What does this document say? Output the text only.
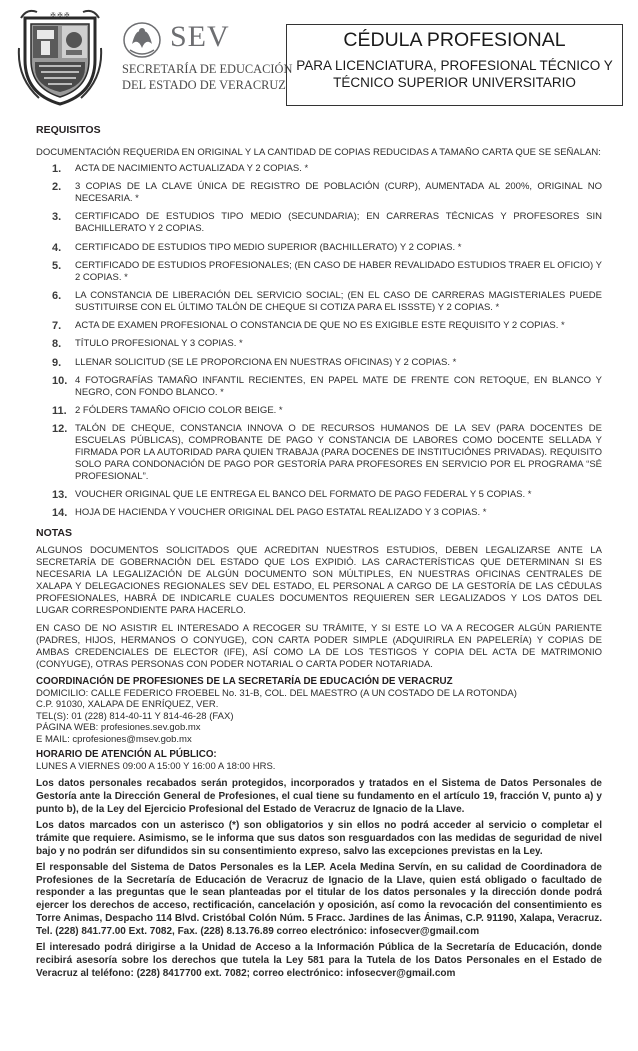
✠ ✠ ✠
SEV
SECRETARÍA DE EDUCACIÓN
DEL ESTADO DE VERACRUZ
CÉDULA PROFESIONAL
PARA LICENCIATURA, PROFESIONAL TÉCNICO Y
TÉCNICO SUPERIOR UNIVERSITARIO
REQUISITOS
DOCUMENTACIÓN REQUERIDA EN ORIGINAL Y LA CANTIDAD DE COPIAS REDUCIDAS A TAMAÑO CARTA QUE SE SEÑALAN:
1.	ACTA DE NACIMIENTO ACTUALIZADA Y 2 COPIAS. *
2.	3 COPIAS DE LA CLAVE ÚNICA DE REGISTRO DE POBLACIÓN (CURP), AUMENTADA AL 200%, ORIGINAL NO NECESARIA. *
3.	CERTIFICADO DE ESTUDIOS TIPO MEDIO (SECUNDARIA); EN CARRERAS TÉCNICAS Y PROFESORES SIN BACHILLERATO Y 2 COPIAS.
4.	CERTIFICADO DE ESTUDIOS TIPO MEDIO SUPERIOR (BACHILLERATO) Y 2 COPIAS. *
5.	CERTIFICADO DE ESTUDIOS PROFESIONALES; (EN CASO DE HABER REVALIDADO ESTUDIOS TRAER EL OFICIO) Y 2 COPIAS. *
6.	LA CONSTANCIA DE LIBERACIÓN DEL SERVICIO SOCIAL; (EN EL CASO DE CARRERAS MAGISTERIALES PUEDE SUSTITUIRSE CON EL ÚLTIMO TALÓN DE CHEQUE SI COTIZA PARA EL ISSSTE) Y 2 COPIAS. *
7.	ACTA DE EXAMEN PROFESIONAL O CONSTANCIA DE QUE NO ES EXIGIBLE ESTE REQUISITO Y 2 COPIAS. *
8.	TÍTULO PROFESIONAL Y 3 COPIAS. *
9.	LLENAR SOLICITUD (SE LE PROPORCIONA EN NUESTRAS OFICINAS) Y 2 COPIAS. *
10. 4 FOTOGRAFÍAS TAMAÑO INFANTIL RECIENTES, EN PAPEL MATE DE FRENTE CON RETOQUE, EN BLANCO Y NEGRO, CON FONDO BLANCO. *
11. 2 FÓLDERS TAMAÑO OFICIO COLOR BEIGE. *
12. TALÓN DE CHEQUE, CONSTANCIA INNOVA O DE RECURSOS HUMANOS DE LA SEV (PARA DOCENTES DE ESCUELAS PÚBLICAS), COMPROBANTE DE PAGO Y CONSTANCIA DE LABORES COMO DOCENTE SELLADA Y FIRMADA POR LA AUTORIDAD PARA QUIEN TRABAJA (PARA DOCENES DE INSTITUCIÓNES PRIVADAS). REQUISITO SOLO PARA CONDONACIÓN DE PAGO POR GESTORÍA PARA PROFESORES EN SERVICIO POR EL PROGRAMA “SÉ PROFESIONAL”.
13. VOUCHER ORIGINAL QUE LE ENTREGA EL BANCO DEL FORMATO DE PAGO FEDERAL Y 5 COPIAS. *
14. HOJA DE HACIENDA Y VOUCHER ORIGINAL DEL PAGO ESTATAL REALIZADO Y 3 COPIAS. *
NOTAS
ALGUNOS DOCUMENTOS SOLICITADOS QUE ACREDITAN NUESTROS ESTUDIOS, DEBEN LEGALIZARSE ANTE LA SECRETARÍA DE GOBERNACIÓN DEL ESTADO QUE LOS EXPIDIÓ. LAS CARACTERÍSTICAS QUE DETERMINAN SI ES NECESARIA LA LEGALIZACIÓN DE ALGÚN DOCUMENTO SON MÚLTIPLES, EN NUESTRAS OFICINAS CENTRALES DE XALAPA Y DELEGACIONES REGIONALES SEV DEL ESTADO, EL PERSONAL A CARGO DE LA GESTORÍA DE LAS CÉDULAS PROFESIONALES, HABRÁ DE INDICARLE CUALES DOCUMENTOS REQUIEREN SER LEGALIZADOS Y LOS DATOS DEL LUGAR CORRESPONDIENTE PARA HACERLO.
EN CASO DE NO ASISTIR EL INTERESADO A RECOGER SU TRÁMITE, Y SI ESTE LO VA A RECOGER ALGÚN PARIENTE (PADRES, HIJOS, HERMANOS O CONYUGE), CON CARTA PODER SIMPLE (ADQUIRIRLA EN PAPELERÍA) Y COPIAS DE AMBAS CREDENCIALES DE ELECTOR (IFE), ASÍ COMO LA DE LOS TESTIGOS Y COPIA DEL ACTA DE MATRIMONIO (CONYUGE), OTRAS PERSONAS CON PODER NOTARIAL O CARTA PODER NOTARIADA.
COORDINACIÓN DE PROFESIONES DE LA SECRETARÍA DE EDUCACIÓN DE VERACRUZ
DOMICILIO: CALLE FEDERICO FROEBEL No. 31-B, COL. DEL MAESTRO (A UN COSTADO DE LA ROTONDA)
C.P. 91030, XALAPA DE ENRÍQUEZ, VER.
TEL(S): 01 (228) 814-40-11 Y 814-46-28 (FAX)
PÁGINA WEB: profesiones.sev.gob.mx
E MAIL: cprofesiones@msev.gob.mx
HORARIO DE ATENCIÓN AL PÚBLICO:
LUNES A VIERNES 09:00 A 15:00 Y 16:00 A 18:00 HRS.
Los datos personales recabados serán protegidos, incorporados y tratados en el Sistema de Datos Personales de Gestoría ante la Dirección General de Profesiones, el cual tiene su fundamento en el artículo 19, fracción V, punto a) y punto b), de la Ley del Ejercicio Profesional del Estado de Veracruz de Ignacio de la Llave.
Los datos marcados con un asterisco (*) son obligatorios y sin ellos no podrá acceder al servicio o completar el trámite que requiere. Asimismo, se le informa que sus datos son resguardados con las medidas de seguridad de nivel bajo y no podrán ser difundidos sin su consentimiento expreso, salvo las excepciones previstas en la Ley.
El responsable del Sistema de Datos Personales es la LEP. Acela Medina Servín, en su calidad de Coordinadora de Profesiones de la Secretaría de Educación de Veracruz de Ignacio de la Llave, quien está obligado o facultado de responder a las preguntas que le sean planteadas por el titular de los datos personales y la dirección donde podrá ejercer los derechos de acceso, rectificación, cancelación y oposición, así como la revocación del consentimiento es Torre Animas, Despacho 114 Blvd. Cristóbal Colón Núm. 5 Fracc. Jardines de las Ánimas, C.P. 91190, Xalapa, Veracruz. Tel. (228) 841.77.00 Ext. 7082, Fax. (228) 8.13.76.89 correo electrónico: infosecver@gmail.com
El interesado podrá dirigirse a la Unidad de Acceso a la Información Pública de la Secretaría de Educación, donde recibirá asesoría sobre los derechos que tutela la Ley 581 para la Tutela de los Datos Personales en el Estado de Veracruz al teléfono: (228) 8417700 ext. 7082; correo electrónico: infosecver@gmail.com
